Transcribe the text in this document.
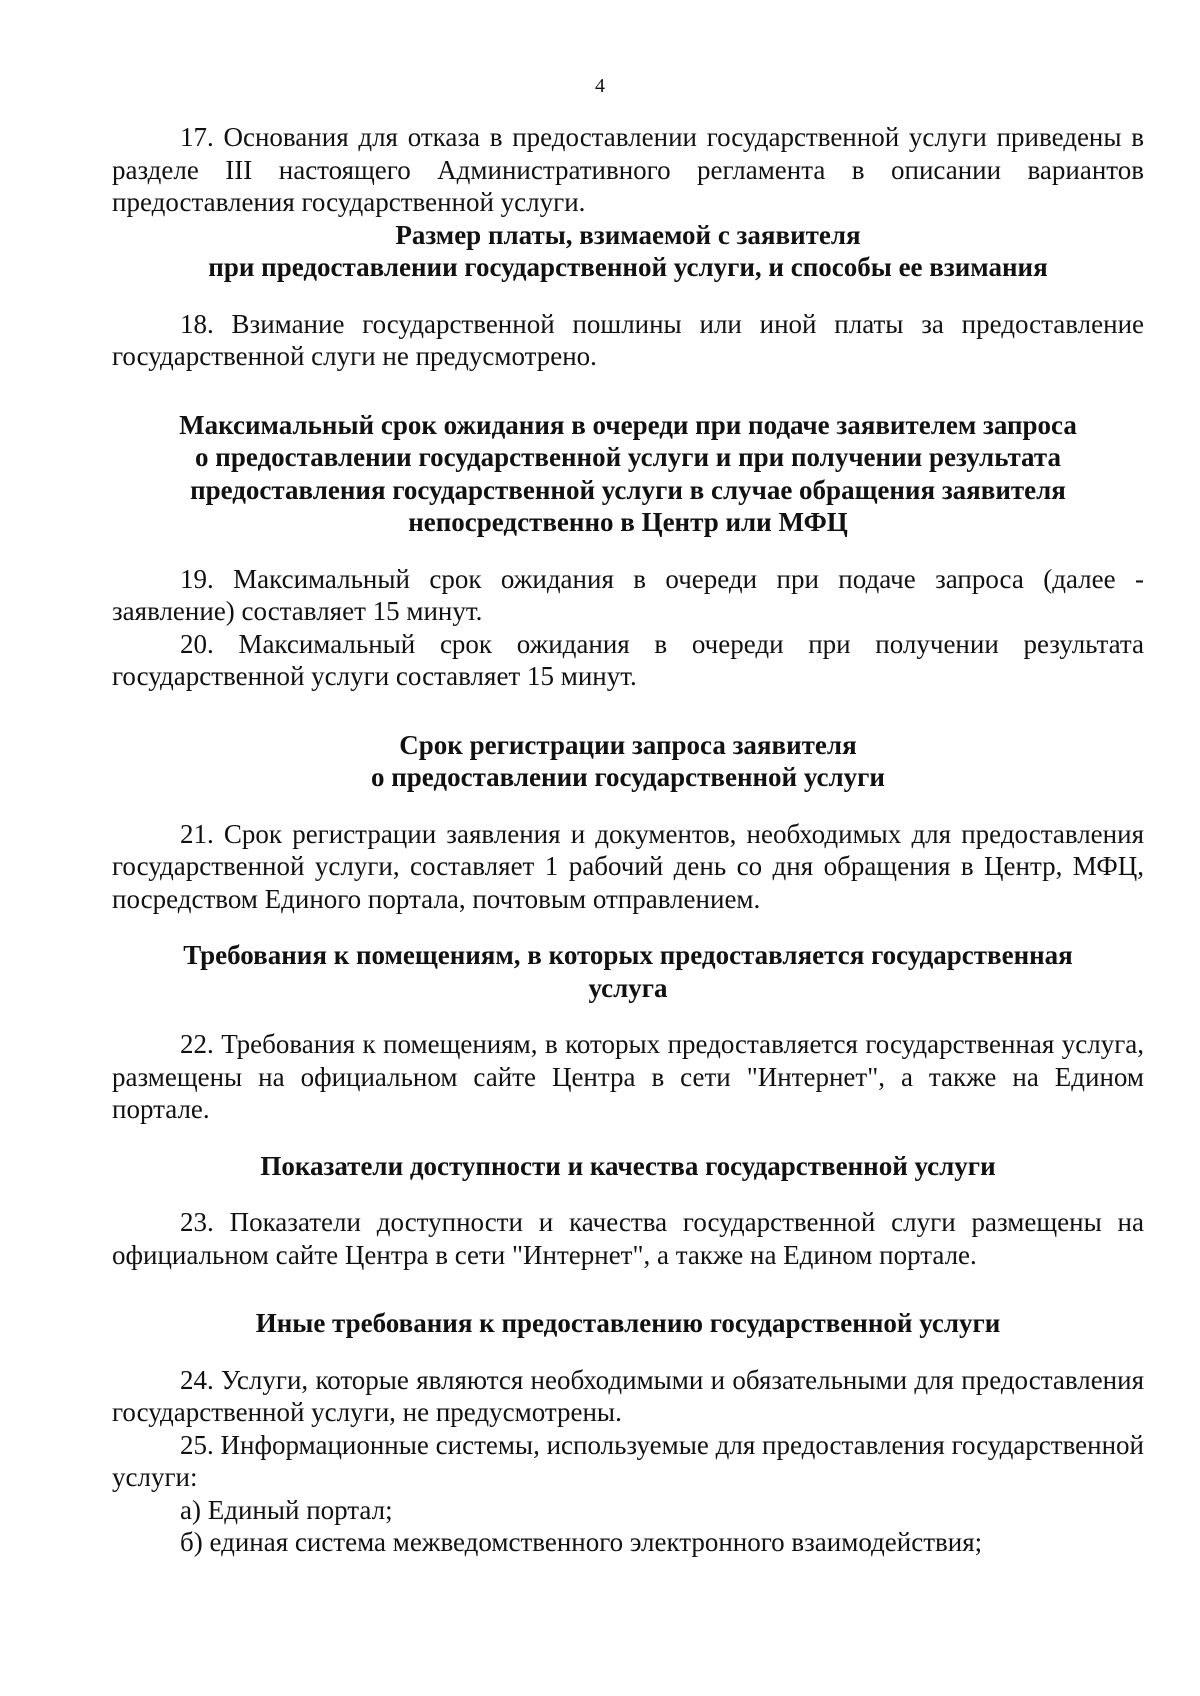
4

17. Основания для отказа в предоставлении государственной услуги приведены в разделе III настоящего Административного регламента в описании вариантов предоставления государственной услуги.

Размер платы, взимаемой с заявителя
при предоставлении государственной услуги, и способы ее взимания

18. Взимание государственной пошлины или иной платы за предоставление государственной слуги не предусмотрено.

Максимальный срок ожидания в очереди при подаче заявителем запроса
о предоставлении государственной услуги и при получении результата
предоставления государственной услуги в случае обращения заявителя
непосредственно в Центр или МФЦ

19. Максимальный срок ожидания в очереди при подаче запроса (далее - заявление) составляет 15 минут.

20. Максимальный срок ожидания в очереди при получении результата государственной услуги составляет 15 минут.

Срок регистрации запроса заявителя
о предоставлении государственной услуги

21. Срок регистрации заявления и документов, необходимых для предоставления государственной услуги, составляет 1 рабочий день со дня обращения в Центр, МФЦ, посредством Единого портала, почтовым отправлением.

Требования к помещениям, в которых предоставляется государственная
услуга

22. Требования к помещениям, в которых предоставляется государственная услуга, размещены на официальном сайте Центра в сети "Интернет", а также на Едином портале.

Показатели доступности и качества государственной услуги

23. Показатели доступности и качества государственной слуги размещены на официальном сайте Центра в сети "Интернет", а также на Едином портале.

Иные требования к предоставлению государственной услуги

24. Услуги, которые являются необходимыми и обязательными для предоставления государственной услуги, не предусмотрены.

25. Информационные системы, используемые для предоставления государственной услуги:

а) Единый портал;

б) единая система межведомственного электронного взаимодействия;
